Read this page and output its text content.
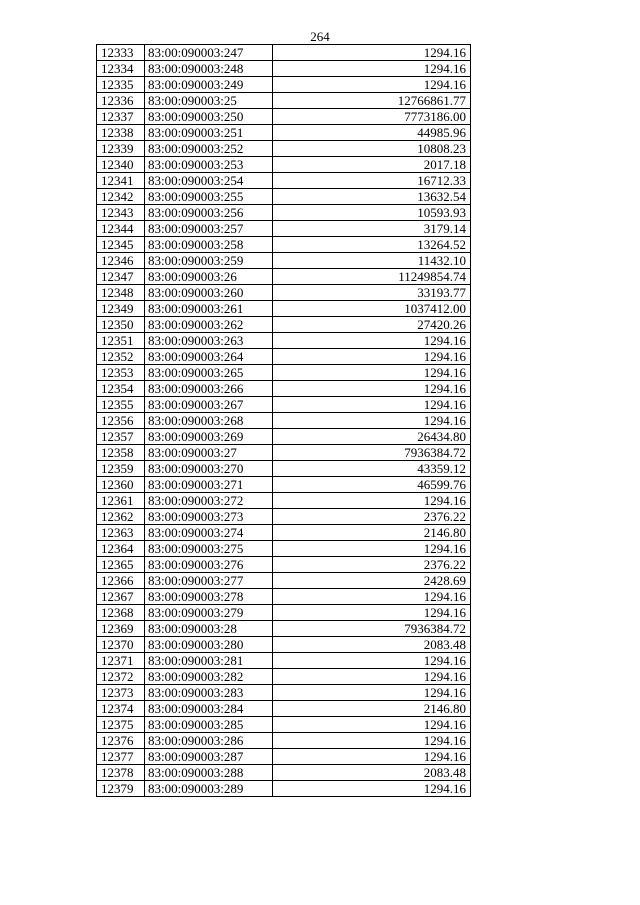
264
12333	83:00:090003:247	1294.16
12334	83:00:090003:248	1294.16
12335	83:00:090003:249	1294.16
12336	83:00:090003:25	12766861.77
12337	83:00:090003:250	7773186.00
12338	83:00:090003:251	44985.96
12339	83:00:090003:252	10808.23
12340	83:00:090003:253	2017.18
12341	83:00:090003:254	16712.33
12342	83:00:090003:255	13632.54
12343	83:00:090003:256	10593.93
12344	83:00:090003:257	3179.14
12345	83:00:090003:258	13264.52
12346	83:00:090003:259	11432.10
12347	83:00:090003:26	11249854.74
12348	83:00:090003:260	33193.77
12349	83:00:090003:261	1037412.00
12350	83:00:090003:262	27420.26
12351	83:00:090003:263	1294.16
12352	83:00:090003:264	1294.16
12353	83:00:090003:265	1294.16
12354	83:00:090003:266	1294.16
12355	83:00:090003:267	1294.16
12356	83:00:090003:268	1294.16
12357	83:00:090003:269	26434.80
12358	83:00:090003:27	7936384.72
12359	83:00:090003:270	43359.12
12360	83:00:090003:271	46599.76
12361	83:00:090003:272	1294.16
12362	83:00:090003:273	2376.22
12363	83:00:090003:274	2146.80
12364	83:00:090003:275	1294.16
12365	83:00:090003:276	2376.22
12366	83:00:090003:277	2428.69
12367	83:00:090003:278	1294.16
12368	83:00:090003:279	1294.16
12369	83:00:090003:28	7936384.72
12370	83:00:090003:280	2083.48
12371	83:00:090003:281	1294.16
12372	83:00:090003:282	1294.16
12373	83:00:090003:283	1294.16
12374	83:00:090003:284	2146.80
12375	83:00:090003:285	1294.16
12376	83:00:090003:286	1294.16
12377	83:00:090003:287	1294.16
12378	83:00:090003:288	2083.48
12379	83:00:090003:289	1294.16
